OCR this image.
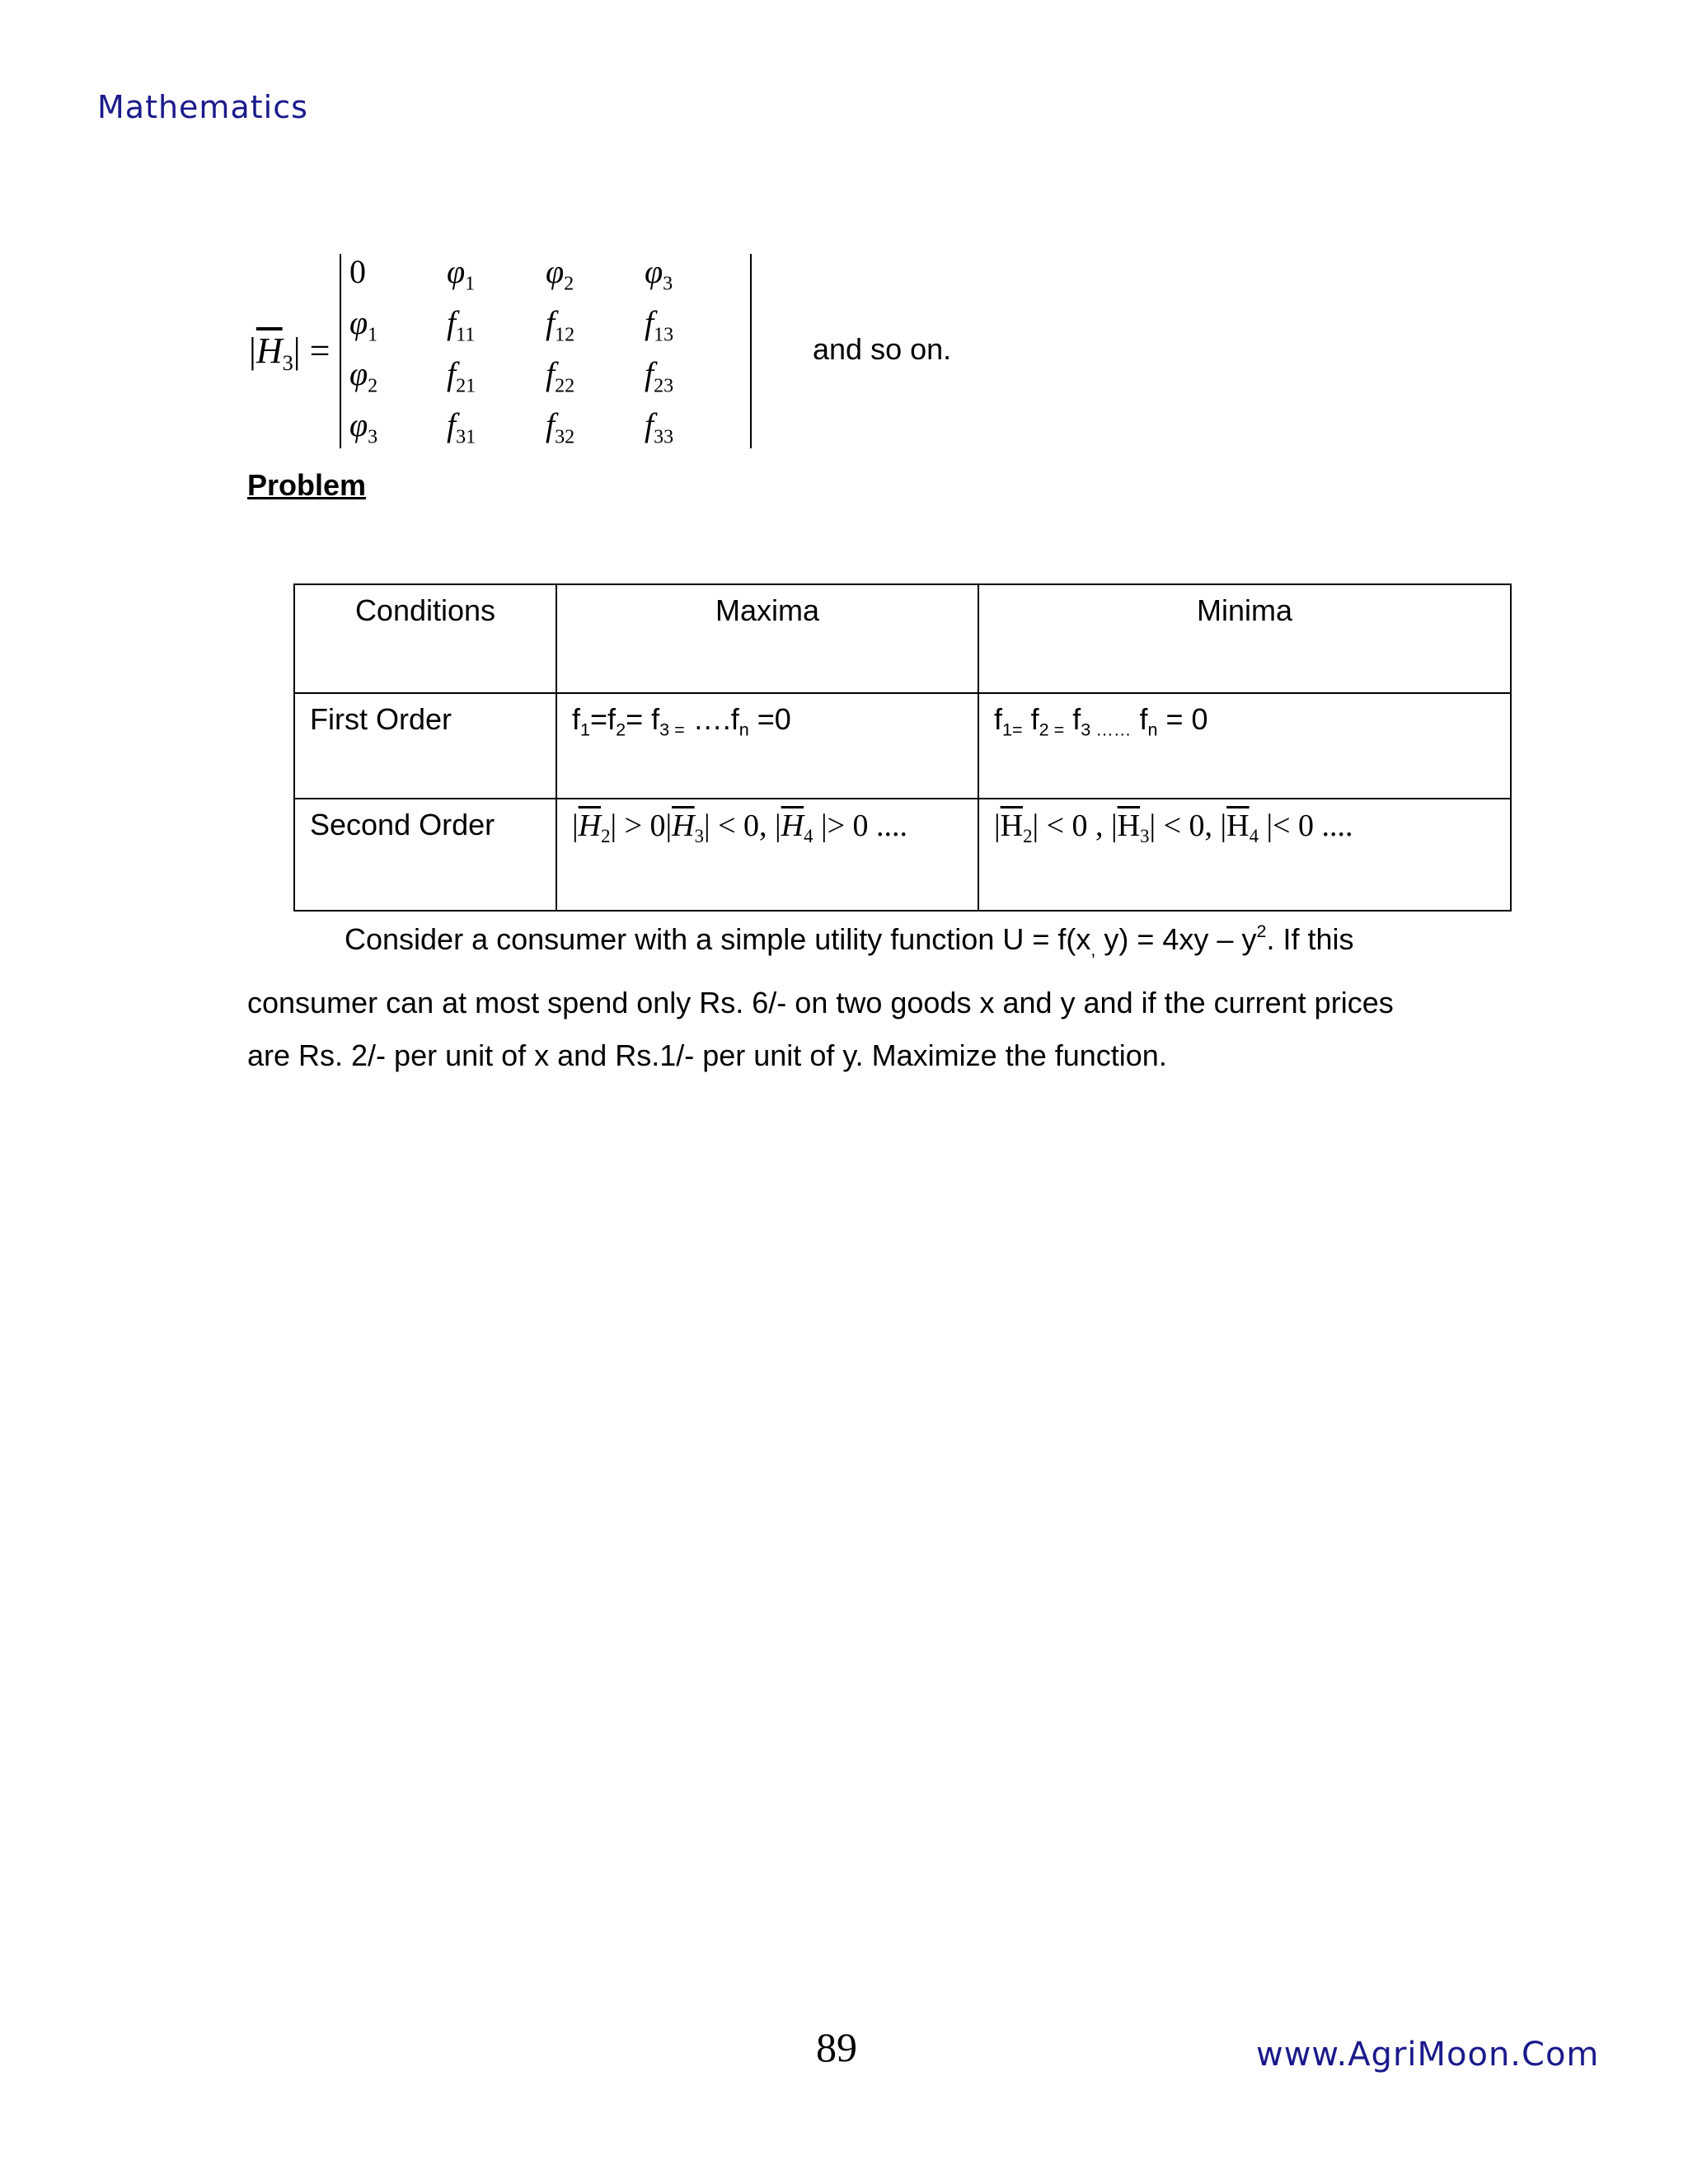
Mathematics
$|\overline{H}_3|$ =
0 $\varphi_1$ $\varphi_2$ $\varphi_3$
$\varphi_1$ $f_{11}$ $f_{12}$ $f_{13}$
$\varphi_2$ $f_{21}$ $f_{22}$ $f_{23}$
$\varphi_3$ $f_{31}$ $f_{32}$ $f_{33}$
and so on.
Problem
Conditions	Maxima	Minima
First Order	$f_1=f_2= f_{3 =}$ $\dots.f_n =0$	$f_{1=}$ $f_{2 =}$ $f_{3 \dots\dots}$ $f_n = 0$
Second Order	$|\overline{H}_2| > 0|\overline{H}_3| < 0$, $|\overline{H}_4$ |> 0 ....	$|\overline{H}_2| < 0$ , $|\overline{H}_3| < 0$, $|\overline{H}_4$ |< 0 ....
Consider a consumer with a simple utility function $U = f(x_,$ $y) = 4xy - y^2$. If this consumer can at most spend only Rs. 6/- on two goods x and y and if the current prices are Rs. 2/- per unit of x and Rs.1/- per unit of y. Maximize the function.
89	www.AgriMoon.Com
